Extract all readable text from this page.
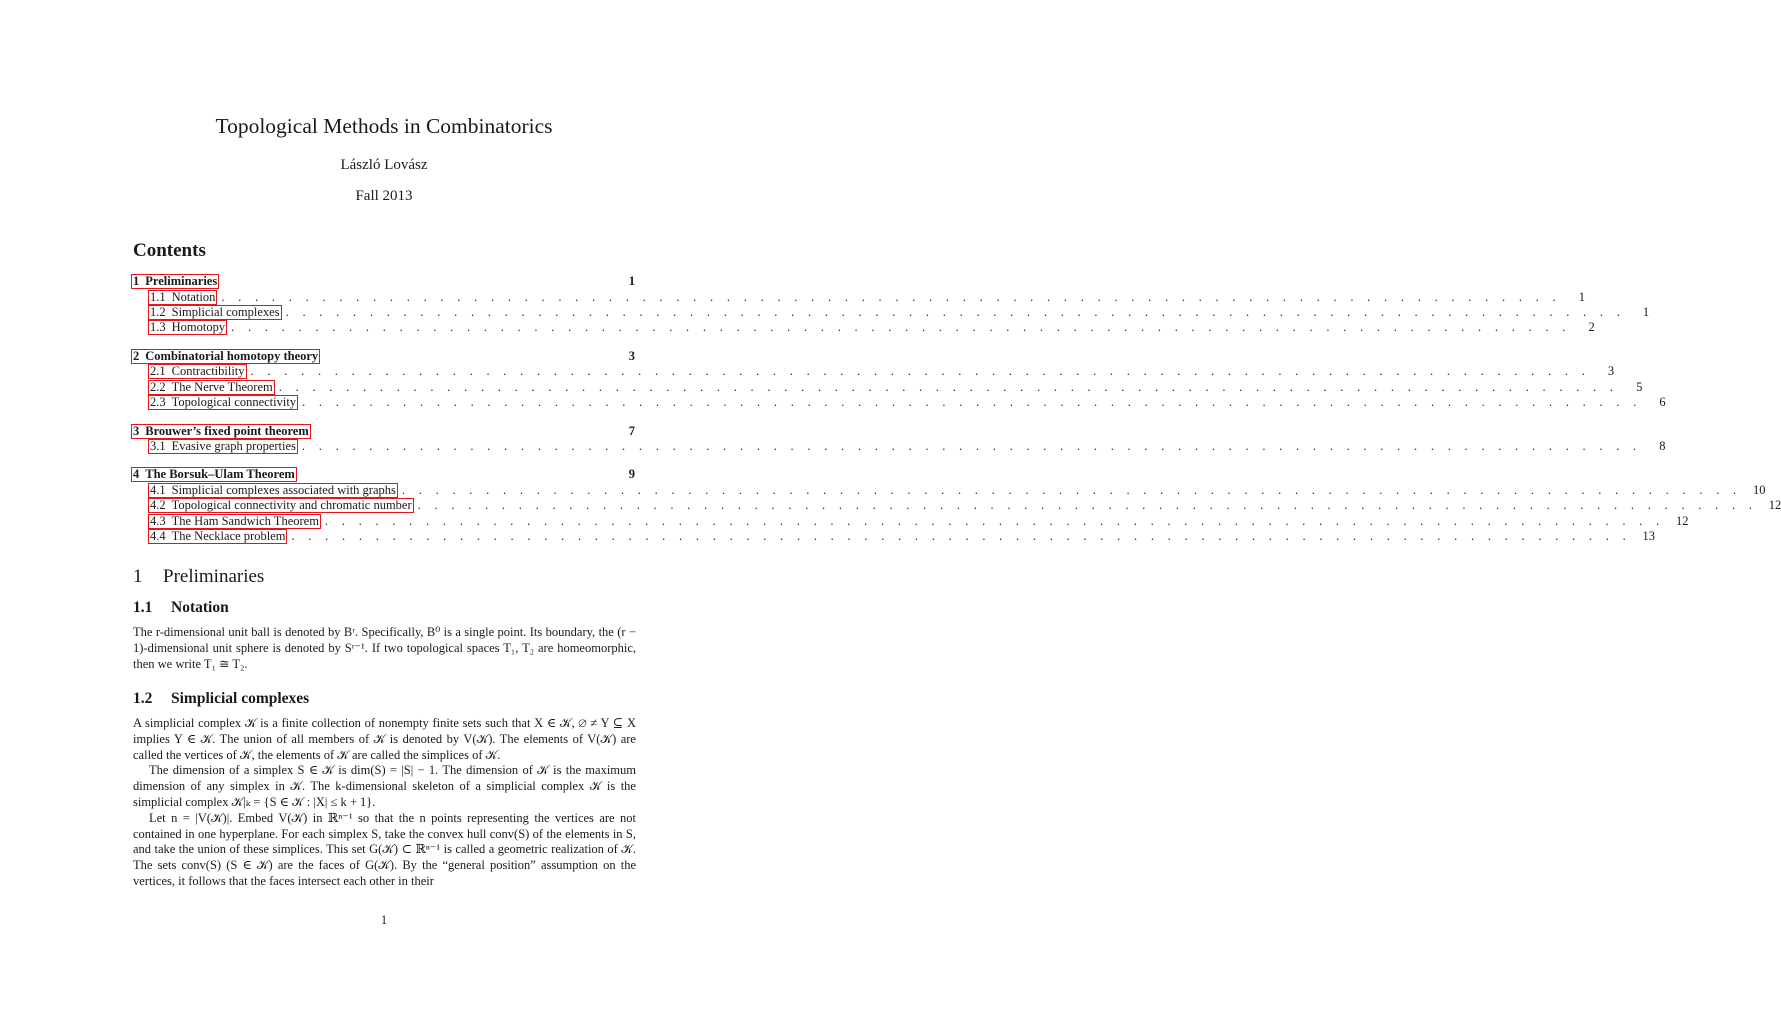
Topological Methods in Combinatorics
László Lovász
Fall 2013
Contents
1 Preliminaries	1
1.1 Notation . . . . . . . . . . . . . . . . . . . . . . . . . . . . . . . . . . . . . . . . . . . . . . . . . . . . . . . . . . . . . . . . . . . . . . . . . . . . . . . .	1
1.2 Simplicial complexes . . . . . . . . . . . . . . . . . . . . . . . . . . . . . . . . . . . . . . . . . . . . . . . . . . . . . . . . . . . . . . . . . . . . . . . . . . . . . . . .	1
1.3 Homotopy . . . . . . . . . . . . . . . . . . . . . . . . . . . . . . . . . . . . . . . . . . . . . . . . . . . . . . . . . . . . . . . . . . . . . . . . . . . . . . . .	2
2 Combinatorial homotopy theory	3
2.1 Contractibility . . . . . . . . . . . . . . . . . . . . . . . . . . . . . . . . . . . . . . . . . . . . . . . . . . . . . . . . . . . . . . . . . . . . . . . . . . . . . . . .	3
2.2 The Nerve Theorem . . . . . . . . . . . . . . . . . . . . . . . . . . . . . . . . . . . . . . . . . . . . . . . . . . . . . . . . . . . . . . . . . . . . . . . . . . . . . . . .	5
2.3 Topological connectivity . . . . . . . . . . . . . . . . . . . . . . . . . . . . . . . . . . . . . . . . . . . . . . . . . . . . . . . . . . . . . . . . . . . . . . . . . . . . . . . .	6
3 Brouwer’s fixed point theorem	7
3.1 Evasive graph properties . . . . . . . . . . . . . . . . . . . . . . . . . . . . . . . . . . . . . . . . . . . . . . . . . . . . . . . . . . . . . . . . . . . . . . . . . . . . . . . .	8
4 The Borsuk–Ulam Theorem	9
4.1 Simplicial complexes associated with graphs . . . . . . . . . . . . . . . . . . . . . . . . . . . . . . . . . . . . . . . . . . . . . . . . . . . . . . . . . . . . . . . . . . . . . . . . . . . . . . . . 10
4.2 Topological connectivity and chromatic number . . . . . . . . . . . . . . . . . . . . . . . . . . . . . . . . . . . . . . . . . . . . . . . . . . . . . . . . . . . . . . . . . . . . . . . . . . . . . . . . 12
4.3 The Ham Sandwich Theorem . . . . . . . . . . . . . . . . . . . . . . . . . . . . . . . . . . . . . . . . . . . . . . . . . . . . . . . . . . . . . . . . . . . . . . . . . . . . . . . . 12
4.4 The Necklace problem . . . . . . . . . . . . . . . . . . . . . . . . . . . . . . . . . . . . . . . . . . . . . . . . . . . . . . . . . . . . . . . . . . . . . . . . . . . . . . . . 13
1 Preliminaries
1.1 Notation

The r-dimensional unit ball is denoted by Bʳ. Specifically, B⁰ is a single point. Its boundary, the (r − 1)-dimensional unit sphere is denoted by Sʳ⁻¹. If two topological spaces T₁, T₂ are homeomorphic, then we write T₁ ≅ T₂.

1.2 Simplicial complexes

A simplicial complex 𝒦 is a finite collection of nonempty finite sets such that X ∈ 𝒦, ∅ ≠ Y ⊆ X implies Y ∈ 𝒦. The union of all members of 𝒦 is denoted by V(𝒦). The elements of V(𝒦) are called the vertices of 𝒦, the elements of 𝒦 are called the simplices of 𝒦.

The dimension of a simplex S ∈ 𝒦 is dim(S) = |S| − 1. The dimension of 𝒦 is the maximum dimension of any simplex in 𝒦. The k-dimensional skeleton of a simplicial complex 𝒦 is the simplicial complex 𝒦|ₖ = {S ∈ 𝒦 : |X| ≤ k + 1}.

Let n = |V(𝒦)|. Embed V(𝒦) in ℝⁿ⁻¹ so that the n points representing the vertices are not contained in one hyperplane. For each simplex S, take the convex hull conv(S) of the elements in S, and take the union of these simplices. This set G(𝒦) ⊂ ℝⁿ⁻¹ is called a geometric realization of 𝒦. The sets conv(S) (S ∈ 𝒦) are the faces of G(𝒦). By the “general position” assumption on the vertices, it follows that the faces intersect each other in their

1
